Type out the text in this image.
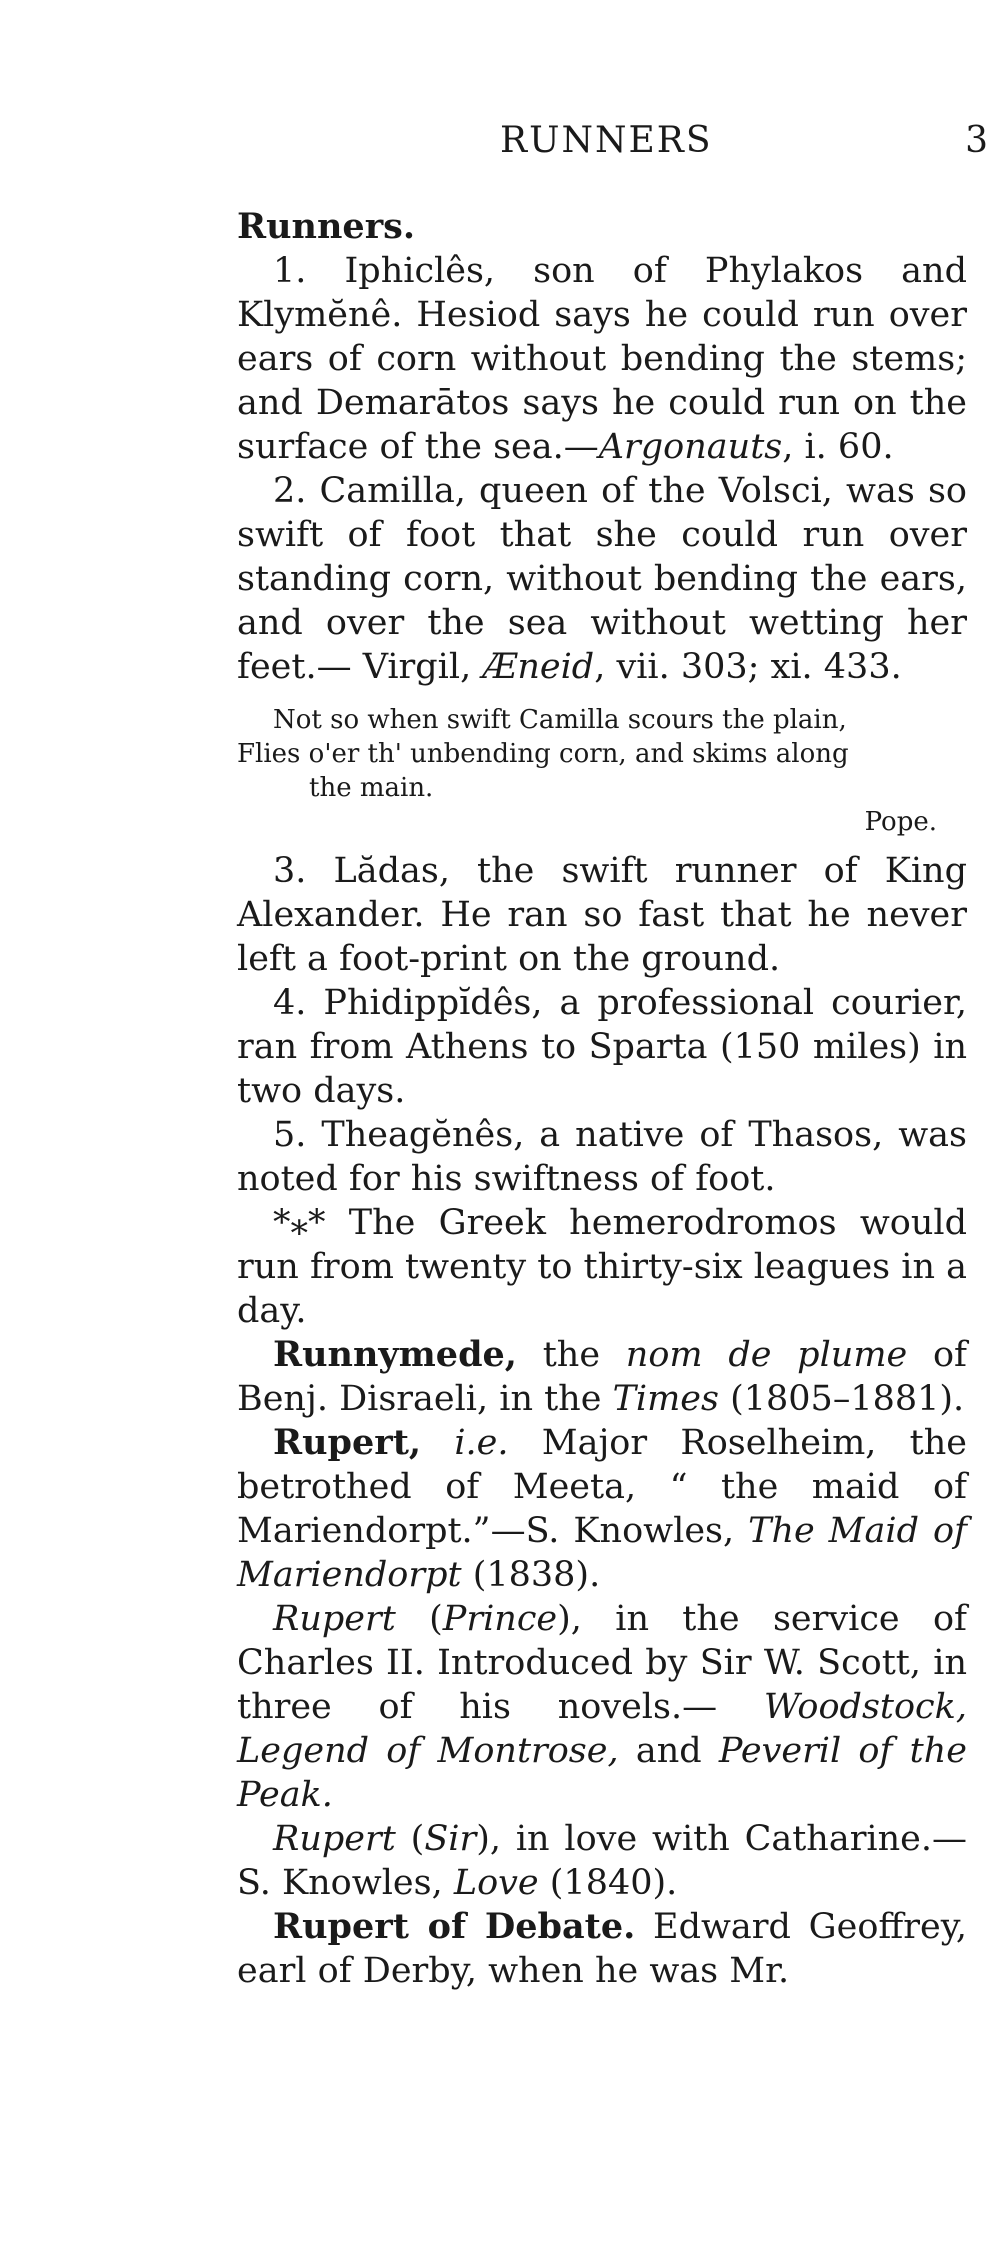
RUNNERS	3

Runners.

1. Iphiclês, son of Phylakos and Klymĕnê. Hesiod says he could run over ears of corn without bending the stems; and Demarātos says he could run on the surface of the sea.—Argonauts, i. 60.

2. Camilla, queen of the Volsci, was so swift of foot that she could run over standing corn, without bending the ears, and over the sea without wetting her feet.— Virgil, Æneid, vii. 303; xi. 433.

Not so when swift Camilla scours the plain,
Flies o'er th' unbending corn, and skims along
the main.
Pope.

3. Lădas, the swift runner of King Alexander. He ran so fast that he never left a foot-print on the ground.

4. Phidippĭdês, a professional courier, ran from Athens to Sparta (150 miles) in two days.

5. Theagĕnês, a native of Thasos, was noted for his swiftness of foot.

*⁎* The Greek hemerodromos would run from twenty to thirty-six leagues in a day.

Runnymede, the nom de plume of Benj. Disraeli, in the Times (1805–1881).

Rupert, i.e. Major Roselheim, the betrothed of Meeta, “ the maid of Mariendorpt.”—S. Knowles, The Maid of Mariendorpt (1838).

Rupert (Prince), in the service of Charles II. Introduced by Sir W. Scott, in three of his novels.— Woodstock, Legend of Montrose, and Peveril of the Peak.

Rupert (Sir), in love with Catharine.— S. Knowles, Love (1840).

Rupert of Debate. Edward Geoffrey, earl of Derby, when he was Mr.
